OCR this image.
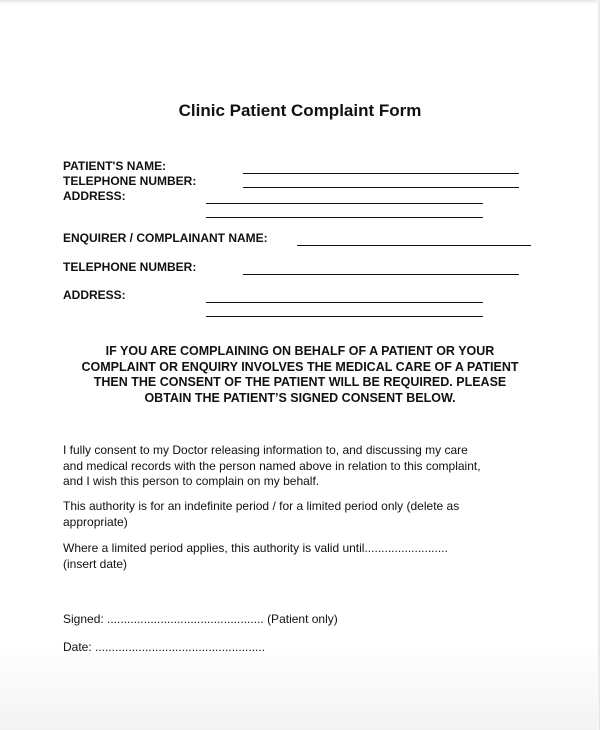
Clinic Patient Complaint Form
PATIENT'S NAME:
TELEPHONE NUMBER:
ADDRESS:
ENQUIRER / COMPLAINANT NAME:
TELEPHONE NUMBER:
ADDRESS:
IF YOU ARE COMPLAINING ON BEHALF OF A PATIENT OR YOUR
COMPLAINT OR ENQUIRY INVOLVES THE MEDICAL CARE OF A PATIENT
THEN THE CONSENT OF THE PATIENT WILL BE REQUIRED. PLEASE
OBTAIN THE PATIENT’S SIGNED CONSENT BELOW.
I fully consent to my Doctor releasing information to, and discussing my care
and medical records with the person named above in relation to this complaint,
and I wish this person to complain on my behalf.
This authority is for an indefinite period / for a limited period only (delete as
appropriate)
Where a limited period applies, this authority is valid until.........................
(insert date)
Signed: ............................................... (Patient only)
Date: ...................................................
